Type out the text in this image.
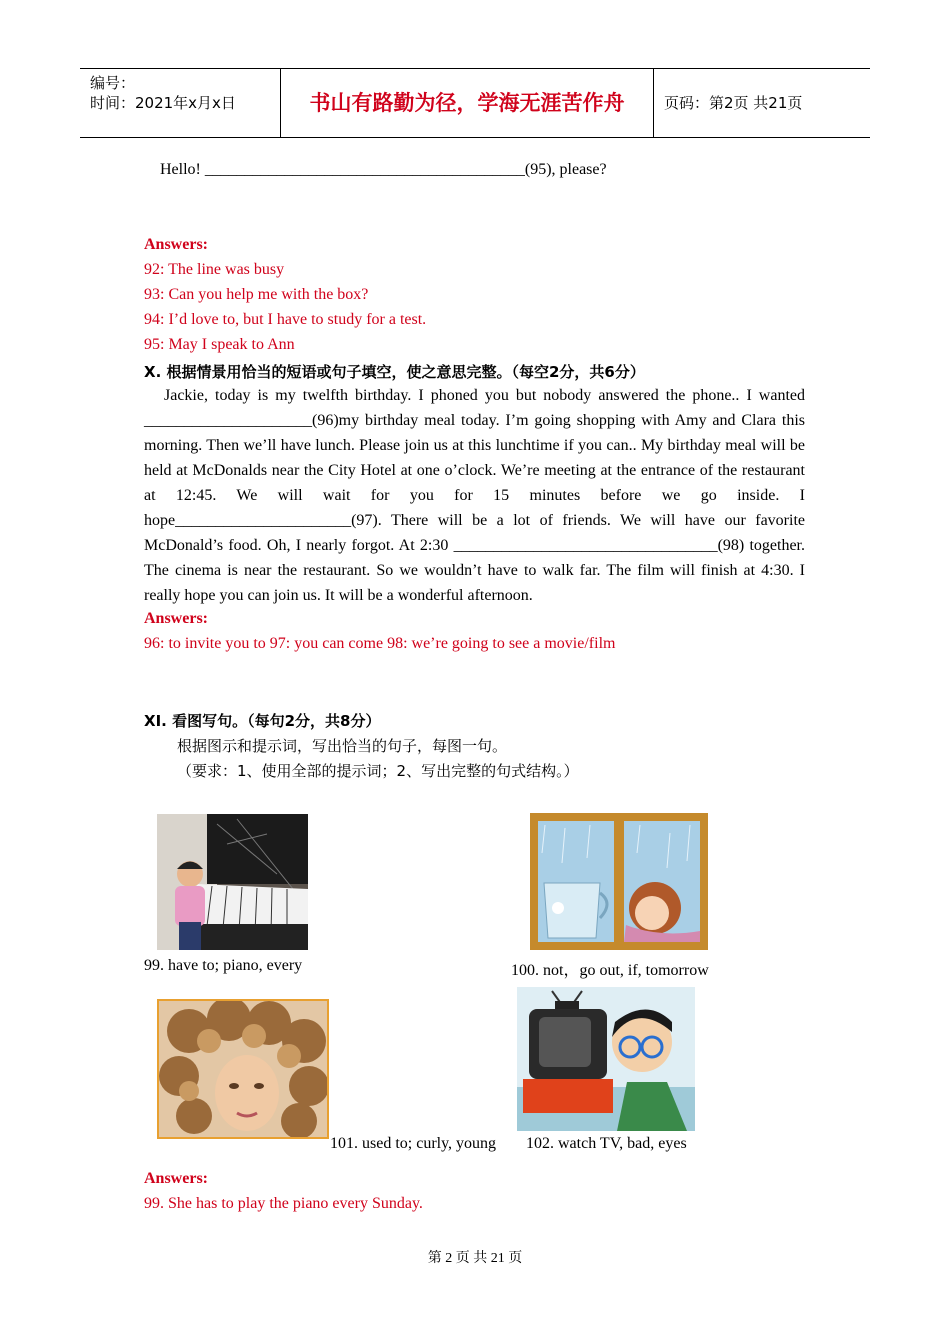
编号：
时间：2021年x月x日	书山有路勤为径，学海无涯苦作舟	页码：第2页 共21页
Hello! ________________________________________(95), please?
Answers:
92: The line was busy
93: Can you help me with the box?
94: I’d love to, but I have to study for a test.
95: May I speak to Ann
X. 根据情景用恰当的短语或句子填空，使之意思完整。（每空2分，共6分）
Jackie, today is my twelfth birthday. I phoned you but nobody answered the phone.. I wanted _____________________(96)my birthday meal today. I’m going shopping with Amy and Clara this morning. Then we’ll have lunch. Please join us at this lunchtime if you can.. My birthday meal will be held at McDonalds near the City Hotel at one o’clock. We’re meeting at the entrance of the restaurant at 12:45. We will wait for you for 15 minutes before we go inside. I hope______________________(97). There will be a lot of friends. We will have our favorite McDonald’s food. Oh, I nearly forgot. At 2:30 _________________________________(98) together. The cinema is near the restaurant. So we wouldn’t have to walk far. The film will finish at 4:30. I really hope you can join us. It will be a wonderful afternoon.
Answers:
96: to invite you to 97: you can come 98: we’re going to see a movie/film
XI. 看图写句。（每句2分，共8分）
根据图示和提示词，写出恰当的句子，每图一句。
（要求：1、使用全部的提示词；2、写出完整的句式结构。）
99. have to; piano, every	100. not，go out, if, tomorrow
101. used to; curly, young 102. watch TV, bad, eyes
Answers:
99. She has to play the piano every Sunday.
第 2 页 共 21 页
